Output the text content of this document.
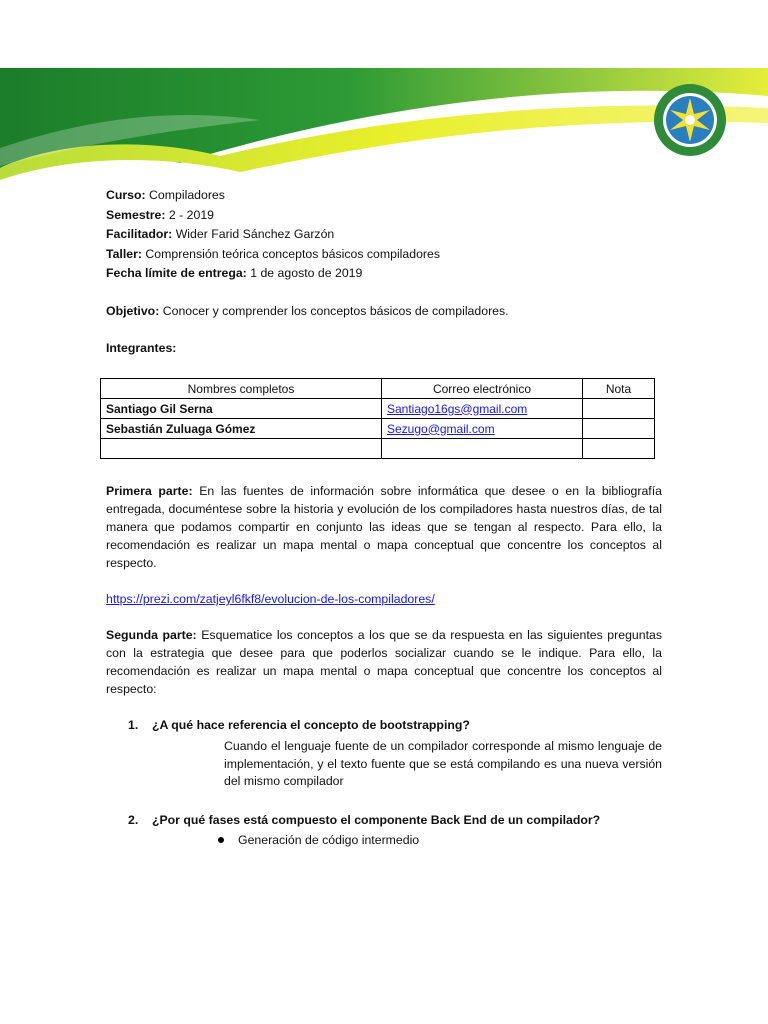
Curso: Compiladores
Semestre: 2 - 2019
Facilitador: Wider Farid Sánchez Garzón
Taller: Comprensión teórica conceptos básicos compiladores
Fecha límite de entrega: 1 de agosto de 2019
Objetivo: Conocer y comprender los conceptos básicos de compiladores.
Integrantes:
Nombres completos	Correo electrónico	Nota
Santiago Gil Serna	Santiago16gs@gmail.com	
Sebastián Zuluaga Gómez	Sezugo@gmail.com	

Primera parte: En las fuentes de información sobre informática que desee o en la bibliografía entregada, documéntese sobre la historia y evolución de los compiladores hasta nuestros días, de tal manera que podamos compartir en conjunto las ideas que se tengan al respecto. Para ello, la recomendación es realizar un mapa mental o mapa conceptual que concentre los conceptos al respecto.
https://prezi.com/zatjeyl6fkf8/evolucion-de-los-compiladores/
Segunda parte: Esquematice los conceptos a los que se da respuesta en las siguientes preguntas con la estrategia que desee para que poderlos socializar cuando se le indique. Para ello, la recomendación es realizar un mapa mental o mapa conceptual que concentre los conceptos al respecto:
1. ¿A qué hace referencia el concepto de bootstrapping?
Cuando el lenguaje fuente de un compilador corresponde al mismo lenguaje de implementación, y el texto fuente que se está compilando es una nueva versión del mismo compilador
2. ¿Por qué fases está compuesto el componente Back End de un compilador?
Generación de código intermedio
